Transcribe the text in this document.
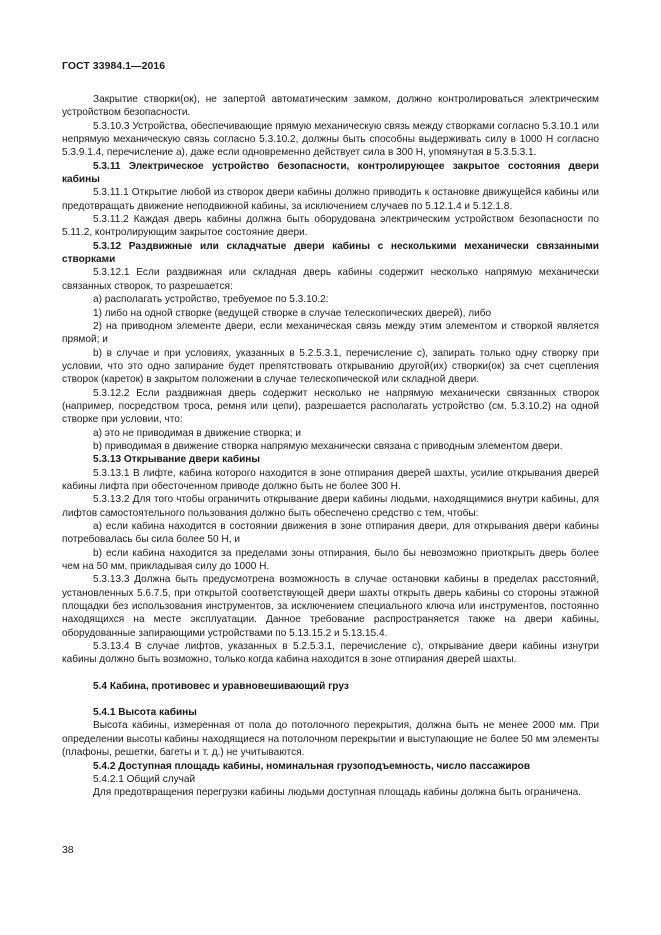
ГОСТ 33984.1—2016

Закрытие створки(ок), не запертой автоматическим замком, должно контролироваться электрическим устройством безопасности.

5.3.10.3 Устройства, обеспечивающие прямую механическую связь между створками согласно 5.3.10.1 или непрямую механическую связь согласно 5.3.10.2, должны быть способны выдерживать силу в 1000 Н согласно 5.3.9.1.4, перечисление а), даже если одновременно действует сила в 300 Н, упомянутая в 5.3.5.3.1.

5.3.11 Электрическое устройство безопасности, контролирующее закрытое состояния двери кабины

5.3.11.1 Открытие любой из створок двери кабины должно приводить к остановке движущейся кабины или предотвращать движение неподвижной кабины, за исключением случаев по 5.12.1.4 и 5.12.1.8.

5.3.11.2 Каждая дверь кабины должна быть оборудована электрическим устройством безопасности по 5.11.2, контролирующим закрытое состояние двери.

5.3.12 Раздвижные или складчатые двери кабины с несколькими механически связанными створками

5.3.12.1 Если раздвижная или складная дверь кабины содержит несколько напрямую механически связанных створок, то разрешается:

а) располагать устройство, требуемое по 5.3.10.2:

1) либо на одной створке (ведущей створке в случае телескопических дверей), либо

2) на приводном элементе двери, если механическая связь между этим элементом и створкой является прямой; и

b) в случае и при условиях, указанных в 5.2.5.3.1, перечисление с), запирать только одну створку при условии, что это одно запирание будет препятствовать открыванию другой(их) створки(ок) за счет сцепления створок (кареток) в закрытом положении в случае телескопической или складной двери.

5.3.12.2 Если раздвижная дверь содержит несколько не напрямую механически связанных створок (например, посредством троса, ремня или цепи), разрешается располагать устройство (см. 5.3.10.2) на одной створке при условии, что:

а) это не приводимая в движение створка; и

b) приводимая в движение створка напрямую механически связана с приводным элементом двери.

5.3.13 Открывание двери кабины

5.3.13.1 В лифте, кабина которого находится в зоне отпирания дверей шахты, усилие открывания дверей кабины лифта при обесточенном приводе должно быть не более 300 Н.

5.3.13.2 Для того чтобы ограничить открывание двери кабины людьми, находящимися внутри кабины, для лифтов самостоятельного пользования должно быть обеспечено средство с тем, чтобы:

а) если кабина находится в состоянии движения в зоне отпирания двери, для открывания двери кабины потребовалась бы сила более 50 Н, и

b) если кабина находится за пределами зоны отпирания, было бы невозможно приоткрыть дверь более чем на 50 мм, прикладывая силу до 1000 Н.

5.3.13.3 Должна быть предусмотрена возможность в случае остановки кабины в пределах расстояний, установленных 5.6.7.5, при открытой соответствующей двери шахты открыть дверь кабины со стороны этажной площадки без использования инструментов, за исключением специального ключа или инструментов, постоянно находящихся на месте эксплуатации. Данное требование распространяется также на двери кабины, оборудованные запирающими устройствами по 5.13.15.2 и 5.13.15.4.

5.3.13.4 В случае лифтов, указанных в 5.2.5.3.1, перечисление с), открывание двери кабины изнутри кабины должно быть возможно, только когда кабина находится в зоне отпирания дверей шахты.

5.4 Кабина, противовес и уравновешивающий груз

5.4.1 Высота кабины

Высота кабины, измеренная от пола до потолочного перекрытия, должна быть не менее 2000 мм. При определении высоты кабины находящиеся на потолочном перекрытии и выступающие не более 50 мм элементы (плафоны, решетки, багеты и т. д.) не учитываются.

5.4.2 Доступная площадь кабины, номинальная грузоподъемность, число пассажиров

5.4.2.1 Общий случай

Для предотвращения перегрузки кабины людьми доступная площадь кабины должна быть ограничена.

38
